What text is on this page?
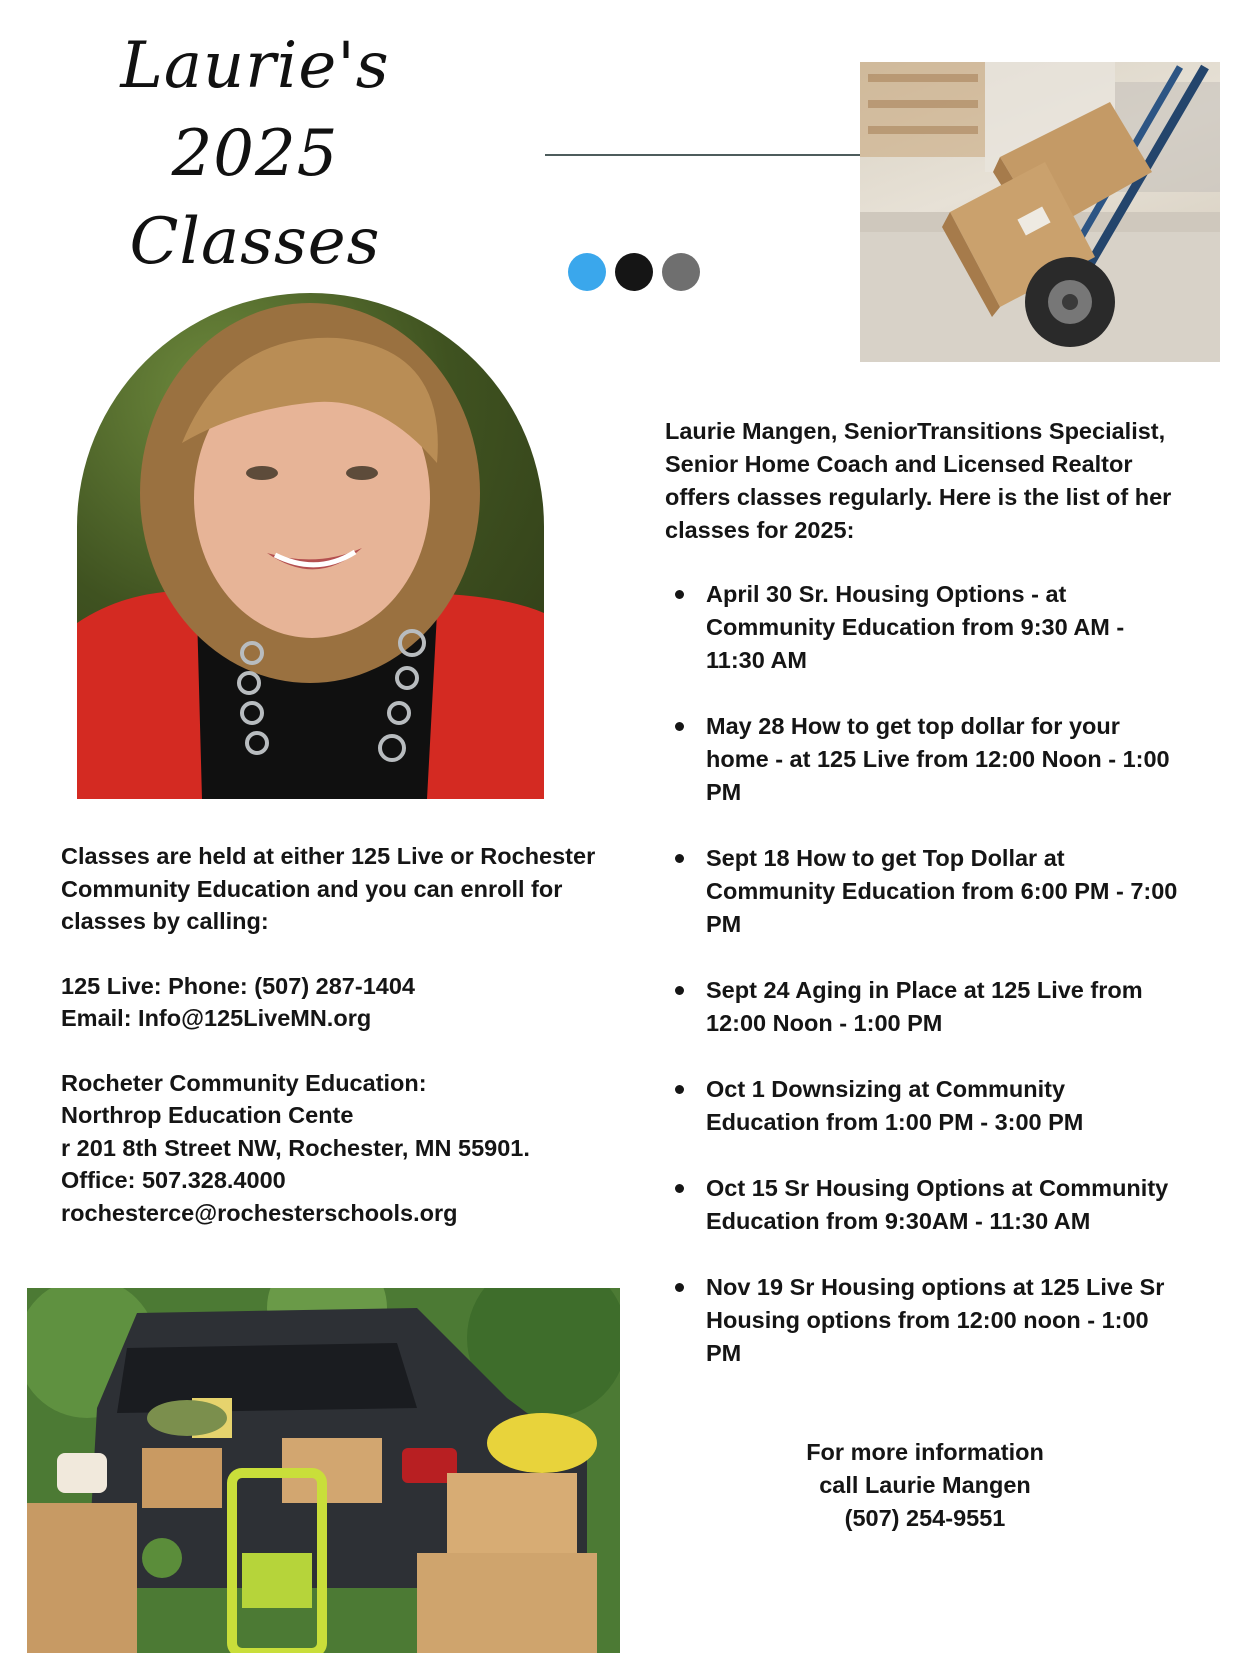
Laurie's
2025
Classes
Laurie Mangen, SeniorTransitions Specialist, Senior Home Coach and Licensed Realtor offers classes regularly. Here is the list of her classes for 2025:
April 30 Sr. Housing Options - at Community Education from 9:30 AM - 11:30 AM
May 28 How to get top dollar for your home - at 125 Live from 12:00 Noon - 1:00 PM
Sept 18 How to get Top Dollar at Community Education from 6:00 PM - 7:00 PM
Sept 24 Aging in Place at 125 Live from 12:00 Noon - 1:00 PM
Oct 1 Downsizing at Community Education from 1:00 PM - 3:00 PM
Oct 15 Sr Housing Options at Community Education from 9:30AM - 11:30 AM
Nov 19 Sr Housing options at 125 Live Sr Housing options from 12:00 noon - 1:00 PM
For more information
call Laurie Mangen
(507) 254-9551
Classes are held at either 125 Live or Rochester Community Education and you can enroll for classes by calling:
125 Live: Phone: (507) 287-1404
Email: Info@125LiveMN.org
Rocheter Community Education:
Northrop Education Cente
r 201 8th Street NW, Rochester, MN 55901.
Office: 507.328.4000
rochesterce@rochesterschools.org
